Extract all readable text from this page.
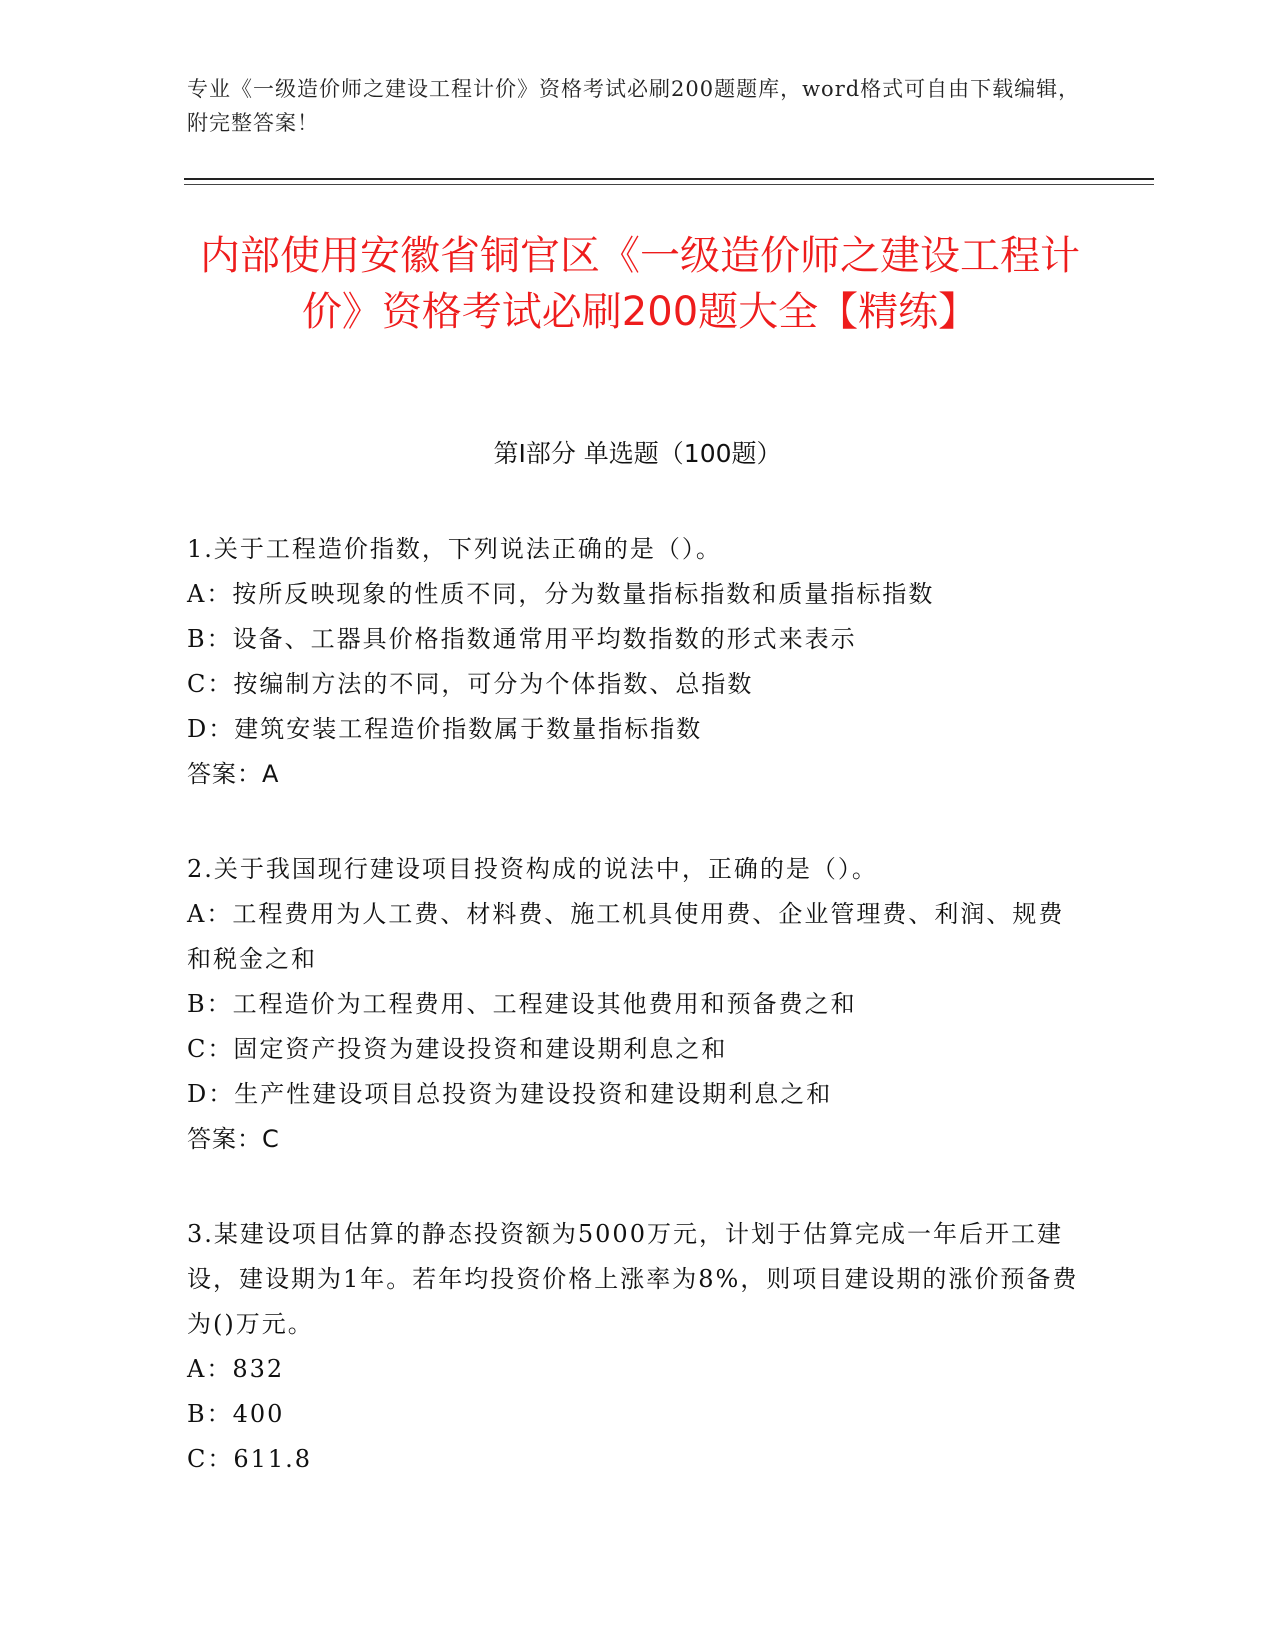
专业《一级造价师之建设工程计价》资格考试必刷200题题库，word格式可自由下载编辑，附完整答案！
内部使用安徽省铜官区《一级造价师之建设工程计价》资格考试必刷200题大全【精练】
第I部分 单选题（100题）

1.关于工程造价指数，下列说法正确的是（）。

A：按所反映现象的性质不同，分为数量指标指数和质量指标指数

B：设备、工器具价格指数通常用平均数指数的形式来表示

C：按编制方法的不同，可分为个体指数、总指数

D：建筑安装工程造价指数属于数量指标指数

答案：A

2.关于我国现行建设项目投资构成的说法中，正确的是（）。

A：工程费用为人工费、材料费、施工机具使用费、企业管理费、利润、规费和税金之和

B：工程造价为工程费用、工程建设其他费用和预备费之和

C：固定资产投资为建设投资和建设期利息之和

D：生产性建设项目总投资为建设投资和建设期利息之和

答案：C

3.某建设项目估算的静态投资额为5000万元，计划于估算完成一年后开工建设，建设期为1年。若年均投资价格上涨率为8%，则项目建设期的涨价预备费为()万元。

A：832

B：400

C：611.8
